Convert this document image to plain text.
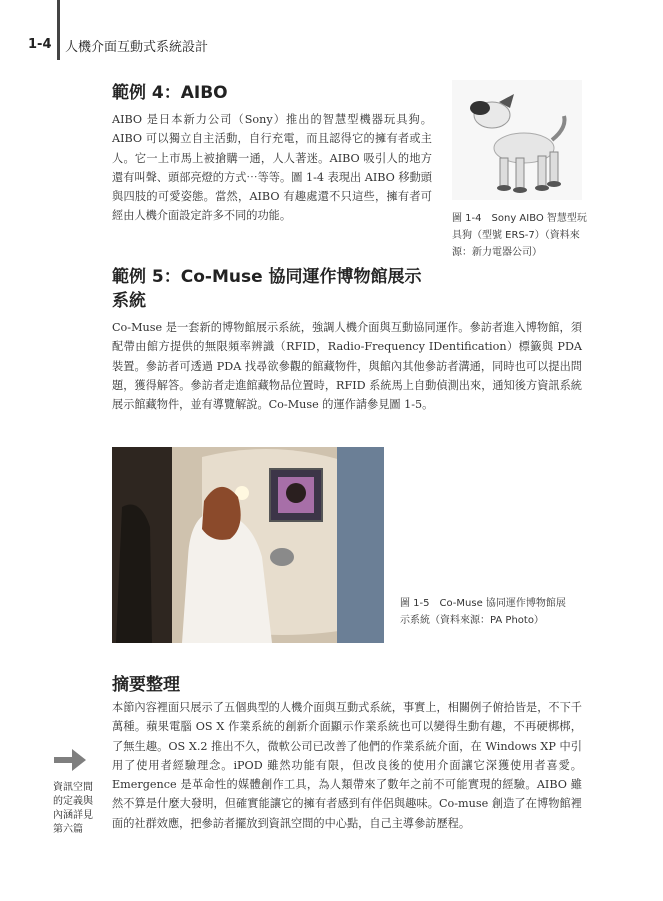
1-4 人機介面互動式系統設計
範例 4：AIBO

AIBO 是日本新力公司（Sony）推出的智慧型機器玩具狗。AIBO 可以獨立自主活動，自行充電，而且認得它的擁有者或主人。它一上市馬上被搶購一通，人人著迷。AIBO 吸引人的地方還有叫聲、頭部亮燈的方式⋯等等。圖 1-4 表現出 AIBO 移動頭與四肢的可愛姿態。當然，AIBO 有趣處還不只這些，擁有者可經由人機介面設定許多不同的功能。	圖 1-4　Sony AIBO 智慧型玩具狗（型號 ERS-7）（資料來源：新力電器公司）

範例 5：Co-Muse 協同運作博物館展示系統

Co-Muse 是一套新的博物館展示系統，強調人機介面與互動協同運作。參訪者進入博物館，須配帶由館方提供的無限頻率辨識（RFID，Radio-Frequency IDentification）標籤與 PDA 裝置。參訪者可透過 PDA 找尋欲參觀的館藏物件，與館內其他參訪者溝通，同時也可以提出問題，獲得解答。參訪者走進館藏物品位置時，RFID 系統馬上自動偵測出來，通知後方資訊系統展示館藏物件，並有導覽解說。Co-Muse 的運作請參見圖 1-5。

圖 1-5　Co-Muse 協同運作博物館展示系統（資料來源：PA Photo）

摘要整理

本節內容裡面只展示了五個典型的人機介面與互動式系統，事實上，相關例子俯拾皆是，不下千萬種。蘋果電腦 OS X 作業系統的創新介面顯示作業系統也可以變得生動有趣，不再硬梆梆，了無生趣。OS X.2 推出不久，微軟公司已改善了他們的作業系統介面，在 Windows XP 中引用了使用者經驗理念。iPOD 雖然功能有限，但改良後的使用介面讓它深獲使用者喜愛。Emergence 是革命性的媒體創作工具，為人類帶來了數年之前不可能實現的經驗。AIBO 雖然不算是什麼大發明，但確實能讓它的擁有者感到有伴侶與趣味。Co-muse 創造了在博物館裡面的社群效應，把參訪者擺放到資訊空間的中心點，自己主導參訪歷程。

資訊空間的定義與內涵詳見第六篇
